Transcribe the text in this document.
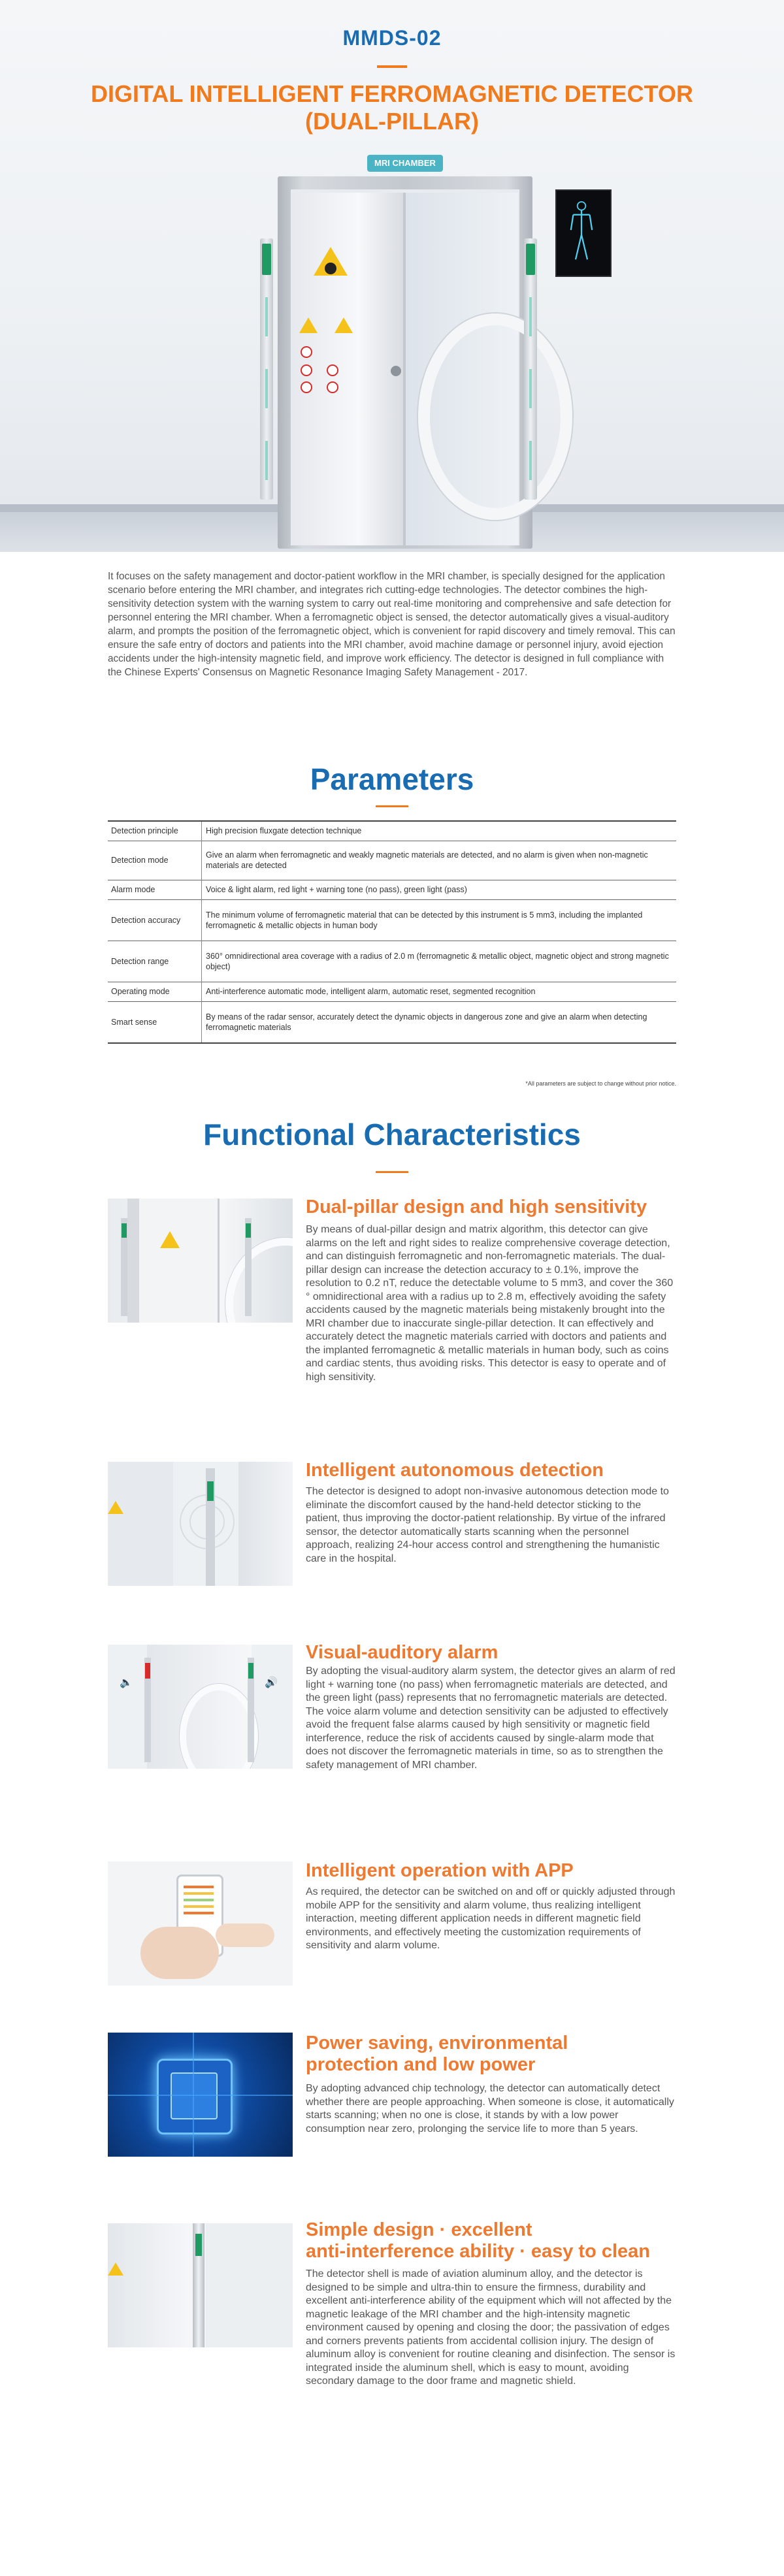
MRI CHAMBER
MMDS-02
DIGITAL INTELLIGENT FERROMAGNETIC DETECTOR
(DUAL-PILLAR)

It focuses on the safety management and doctor-patient workflow in the MRI chamber, is specially designed for the application scenario before entering the MRI chamber, and integrates rich cutting-edge technologies. The detector combines the high-sensitivity detection system with the warning system to carry out real-time monitoring and comprehensive and safe detection for personnel entering the MRI chamber. When a ferromagnetic object is sensed, the detector automatically gives a visual-auditory alarm, and prompts the position of the ferromagnetic object, which is convenient for rapid discovery and timely removal. This can ensure the safe entry of doctors and patients into the MRI chamber, avoid machine damage or personnel injury, avoid ejection accidents under the high-intensity magnetic field, and improve work efficiency. The detector is designed in full compliance with the Chinese Experts' Consensus on Magnetic Resonance Imaging Safety Management - 2017.

Parameters
Detection principle	High precision fluxgate detection technique
Detection mode	Give an alarm when ferromagnetic and weakly magnetic materials are detected, and no alarm is given when non-magnetic materials are detected
Alarm mode	Voice & light alarm, red light + warning tone (no pass), green light (pass)
Detection accuracy	The minimum volume of ferromagnetic material that can be detected by this instrument is 5 mm3, including the implanted ferromagnetic & metallic objects in human body
Detection range	360° omnidirectional area coverage with a radius of 2.0 m (ferromagnetic & metallic object, magnetic object and strong magnetic object)
Operating mode	Anti-interference automatic mode, intelligent alarm, automatic reset, segmented recognition
Smart sense	By means of the radar sensor, accurately detect the dynamic objects in dangerous zone and give an alarm when detecting ferromagnetic materials
*All parameters are subject to change without prior notice.
Functional Characteristics
Dual-pillar design and high sensitivity

By means of dual-pillar design and matrix algorithm, this detector can give alarms on the left and right sides to realize comprehensive coverage detection, and can distinguish ferromagnetic and non-ferromagnetic materials. The dual-pillar design can increase the detection accuracy to ± 0.1%, improve the resolution to 0.2 nT, reduce the detectable volume to 5 mm3, and cover the 360 ° omnidirectional area with a radius up to 2.8 m, effectively avoiding the safety accidents caused by the magnetic materials being mistakenly brought into the MRI chamber due to inaccurate single-pillar detection. It can effectively and accurately detect the magnetic materials carried with doctors and patients and the implanted ferromagnetic & metallic materials in human body, such as coins and cardiac stents, thus avoiding risks. This detector is easy to operate and of high sensitivity.

Intelligent autonomous detection

The detector is designed to adopt non-invasive autonomous detection mode to eliminate the discomfort caused by the hand-held detector sticking to the patient, thus improving the doctor-patient relationship. By virtue of the infrared sensor, the detector automatically starts scanning when the personnel approach, realizing 24-hour access control and strengthening the humanistic care in the hospital.

🔈	🔊
Visual-auditory alarm

By adopting the visual-auditory alarm system, the detector gives an alarm of red light + warning tone (no pass) when ferromagnetic materials are detected, and the green light (pass) represents that no ferromagnetic materials are detected. The voice alarm volume and detection sensitivity can be adjusted to effectively avoid the frequent false alarms caused by high sensitivity or magnetic field interference, reduce the risk of accidents caused by single-alarm mode that does not discover the ferromagnetic materials in time, so as to strengthen the safety management of MRI chamber.

Intelligent operation with APP

As required, the detector can be switched on and off or quickly adjusted through mobile APP for the sensitivity and alarm volume, thus realizing intelligent interaction, meeting different application needs in different magnetic field environments, and effectively meeting the customization requirements of sensitivity and alarm volume.

Power saving, environmental
protection and low power

By adopting advanced chip technology, the detector can automatically detect whether there are people approaching. When someone is close, it automatically starts scanning; when no one is close, it stands by with a low power consumption near zero, prolonging the service life to more than 5 years.

Simple design · excellent
anti-interference ability · easy to clean

The detector shell is made of aviation aluminum alloy, and the detector is designed to be simple and ultra-thin to ensure the firmness, durability and excellent anti-interference ability of the equipment which will not affected by the magnetic leakage of the MRI chamber and the high-intensity magnetic environment caused by opening and closing the door; the passivation of edges and corners prevents patients from accidental collision injury. The design of aluminum alloy is convenient for routine cleaning and disinfection. The sensor is integrated inside the aluminum shell, which is easy to mount, avoiding secondary damage to the door frame and magnetic shield.
